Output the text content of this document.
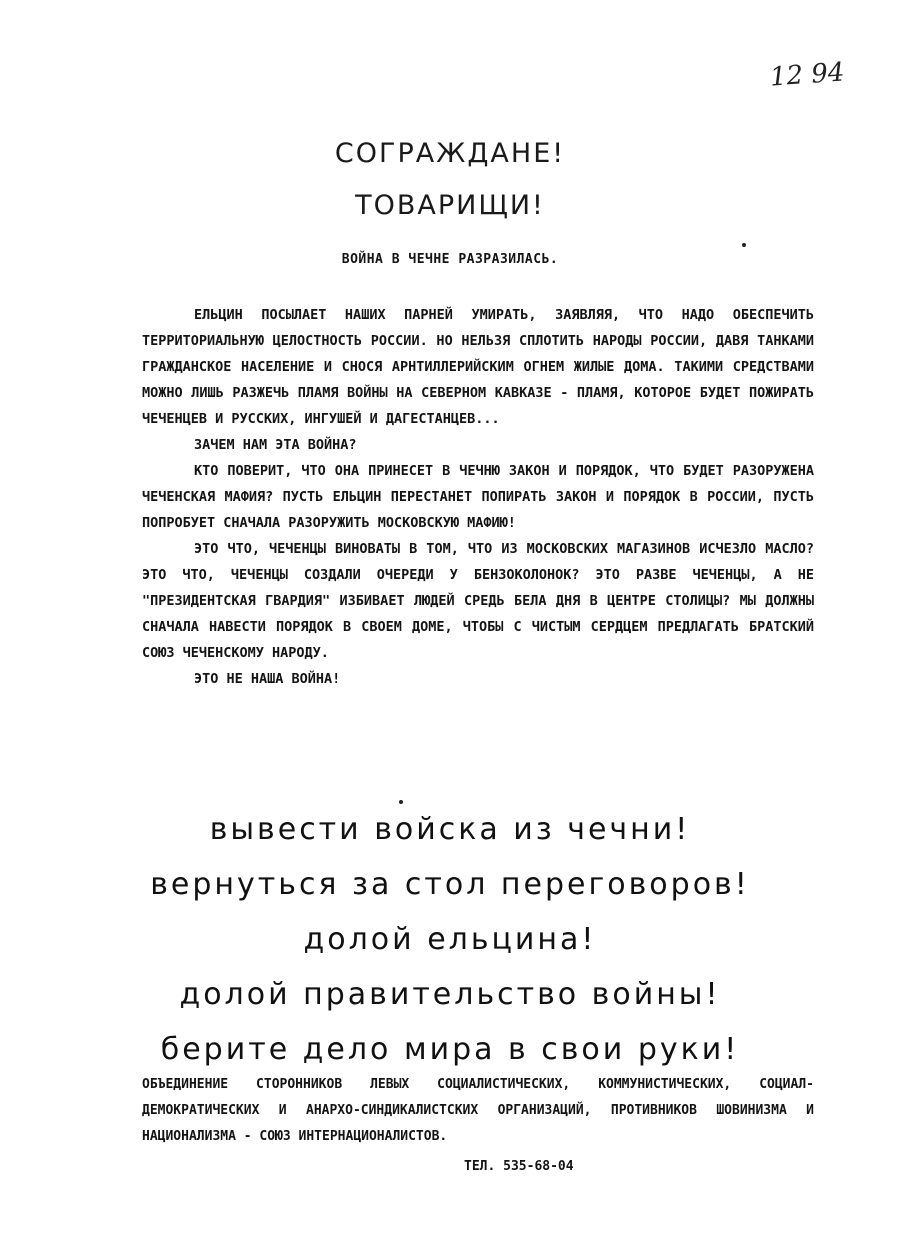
12 94
СОГРАЖДАНЕ!
ТОВАРИЩИ!
ВОЙНА В ЧЕЧНЕ РАЗРАЗИЛАСЬ.

ЕЛЬЦИН ПОСЫЛАЕТ НАШИХ ПАРНЕЙ УМИРАТЬ, ЗАЯВЛЯЯ, ЧТО НАДО ОБЕСПЕЧИТЬ ТЕРРИТОРИАЛЬНУЮ ЦЕЛОСТНОСТЬ РОССИИ. НО НЕЛЬЗЯ СПЛОТИТЬ НАРОДЫ РОССИИ, ДАВЯ ТАНКАМИ ГРАЖДАНСКОЕ НАСЕЛЕНИЕ И СНОСЯ АРНТИЛЛЕРИЙСКИМ ОГНЕМ ЖИЛЫЕ ДОМА. ТАКИМИ СРЕДСТВАМИ МОЖНО ЛИШЬ РАЗЖЕЧЬ ПЛАМЯ ВОЙНЫ НА СЕВЕРНОМ КАВКАЗЕ - ПЛАМЯ, КОТОРОЕ БУДЕТ ПОЖИРАТЬ ЧЕЧЕНЦЕВ И РУССКИХ, ИНГУШЕЙ И ДАГЕСТАНЦЕВ...

ЗАЧЕМ НАМ ЭТА ВОЙНА?

КТО ПОВЕРИТ, ЧТО ОНА ПРИНЕСЕТ В ЧЕЧНЮ ЗАКОН И ПОРЯДОК, ЧТО БУДЕТ РАЗОРУЖЕНА ЧЕЧЕНСКАЯ МАФИЯ? ПУСТЬ ЕЛЬЦИН ПЕРЕСТАНЕТ ПОПИРАТЬ ЗАКОН И ПОРЯДОК В РОССИИ, ПУСТЬ ПОПРОБУЕТ СНАЧАЛА РАЗОРУЖИТЬ МОСКОВСКУЮ МАФИЮ!

ЭТО ЧТО, ЧЕЧЕНЦЫ ВИНОВАТЫ В ТОМ, ЧТО ИЗ МОСКОВСКИХ МАГАЗИНОВ ИСЧЕЗЛО МАСЛО? ЭТО ЧТО, ЧЕЧЕНЦЫ СОЗДАЛИ ОЧЕРЕДИ У БЕНЗОКОЛОНОК? ЭТО РАЗВЕ ЧЕЧЕНЦЫ, А НЕ "ПРЕЗИДЕНТСКАЯ ГВАРДИЯ" ИЗБИВАЕТ ЛЮДЕЙ СРЕДЬ БЕЛА ДНЯ В ЦЕНТРЕ СТОЛИЦЫ? МЫ ДОЛЖНЫ СНАЧАЛА НАВЕСТИ ПОРЯДОК В СВОЕМ ДОМЕ, ЧТОБЫ С ЧИСТЫМ СЕРДЦЕМ ПРЕДЛАГАТЬ БРАТСКИЙ СОЮЗ ЧЕЧЕНСКОМУ НАРОДУ.

ЭТО НЕ НАША ВОЙНА!

вывести войска из чечни!
вернуться за стол переговоров!
долой ельцина!
долой правительство войны!
берите дело мира в свои руки!
ОБЪЕДИНЕНИЕ СТОРОННИКОВ ЛЕВЫХ СОЦИАЛИСТИЧЕСКИХ, КОММУНИСТИЧЕСКИХ, СОЦИАЛ-ДЕМОКРАТИЧЕСКИХ И АНАРХО-СИНДИКАЛИСТСКИХ ОРГАНИЗАЦИЙ, ПРОТИВНИКОВ ШОВИНИЗМА И НАЦИОНАЛИЗМА - СОЮЗ ИНТЕРНАЦИОНАЛИСТОВ.
ТЕЛ. 535-68-04
